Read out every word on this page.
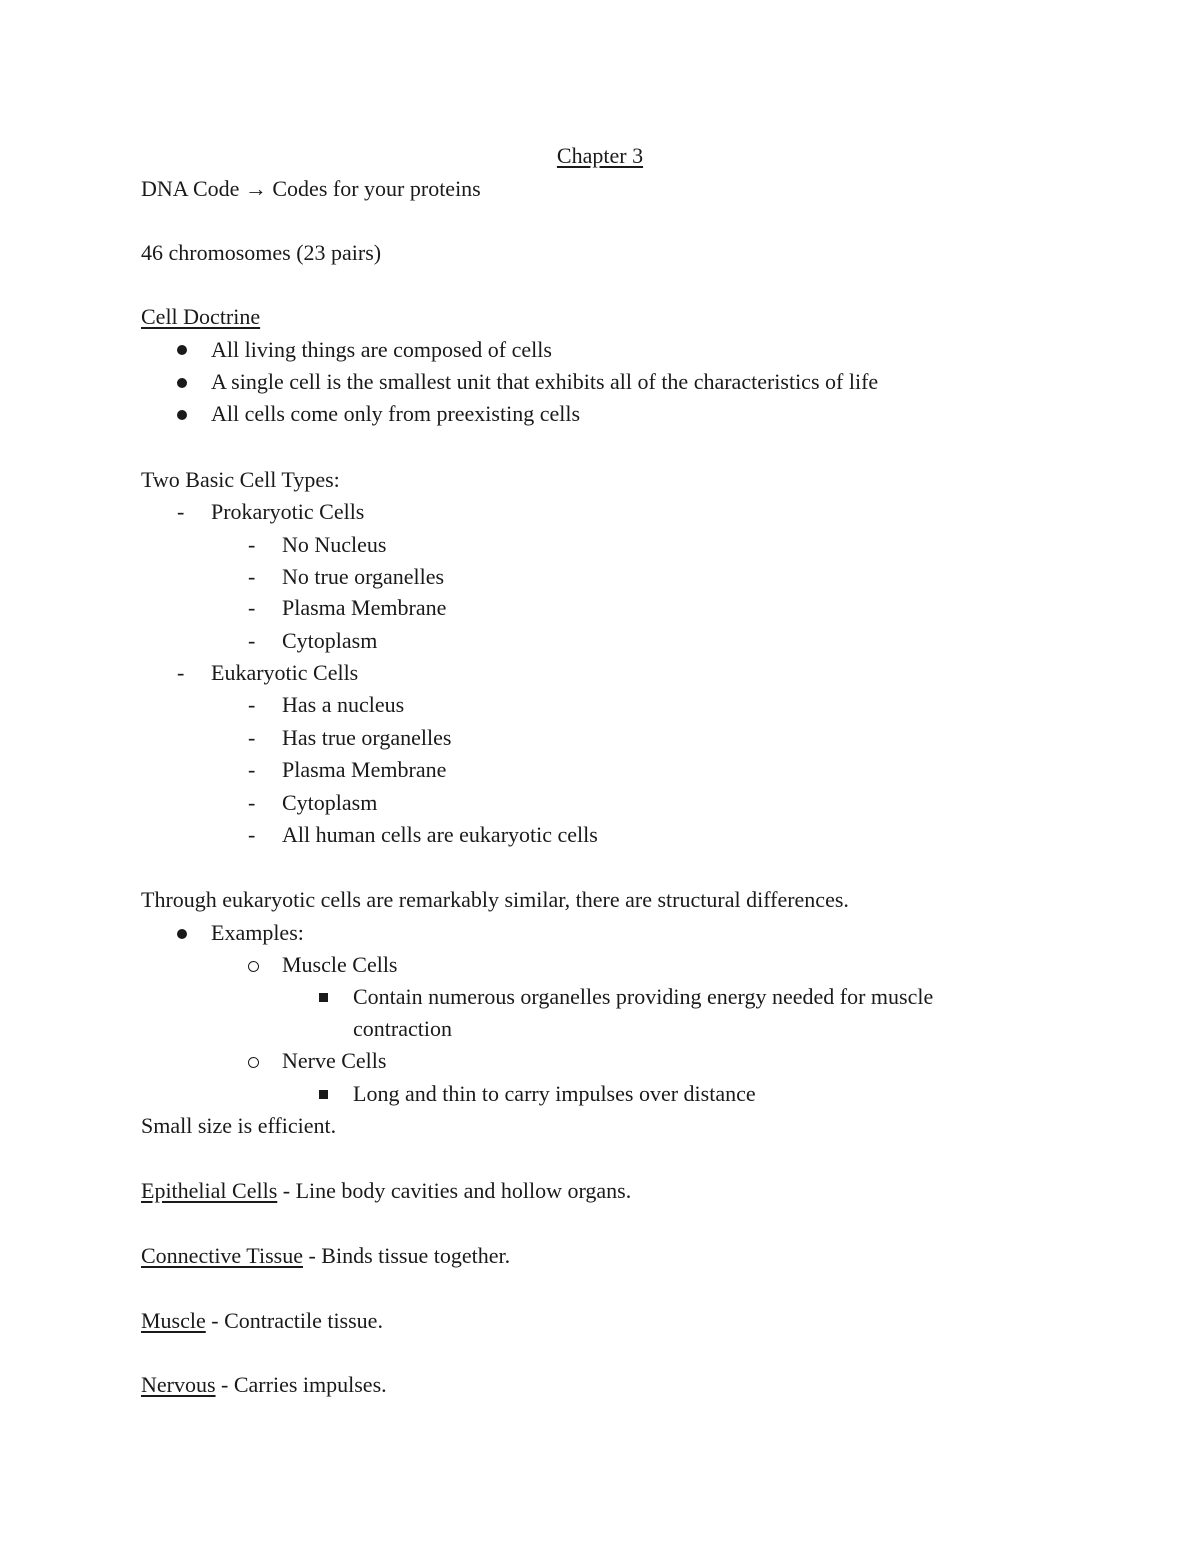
Chapter 3
DNA Code → Codes for your proteins
46 chromosomes (23 pairs)
Cell Doctrine
All living things are composed of cells
A single cell is the smallest unit that exhibits all of the characteristics of life
All cells come only from preexisting cells
Two Basic Cell Types:
- Prokaryotic Cells
- No Nucleus
- No true organelles
- Plasma Membrane
- Cytoplasm
- Eukaryotic Cells
- Has a nucleus
- Has true organelles
- Plasma Membrane
- Cytoplasm
- All human cells are eukaryotic cells
Through eukaryotic cells are remarkably similar, there are structural differences.
Examples:
Muscle Cells
Contain numerous organelles providing energy needed for muscle
contraction
Nerve Cells
Long and thin to carry impulses over distance
Small size is efficient.
Epithelial Cells - Line body cavities and hollow organs.
Connective Tissue - Binds tissue together.
Muscle - Contractile tissue.
Nervous - Carries impulses.
